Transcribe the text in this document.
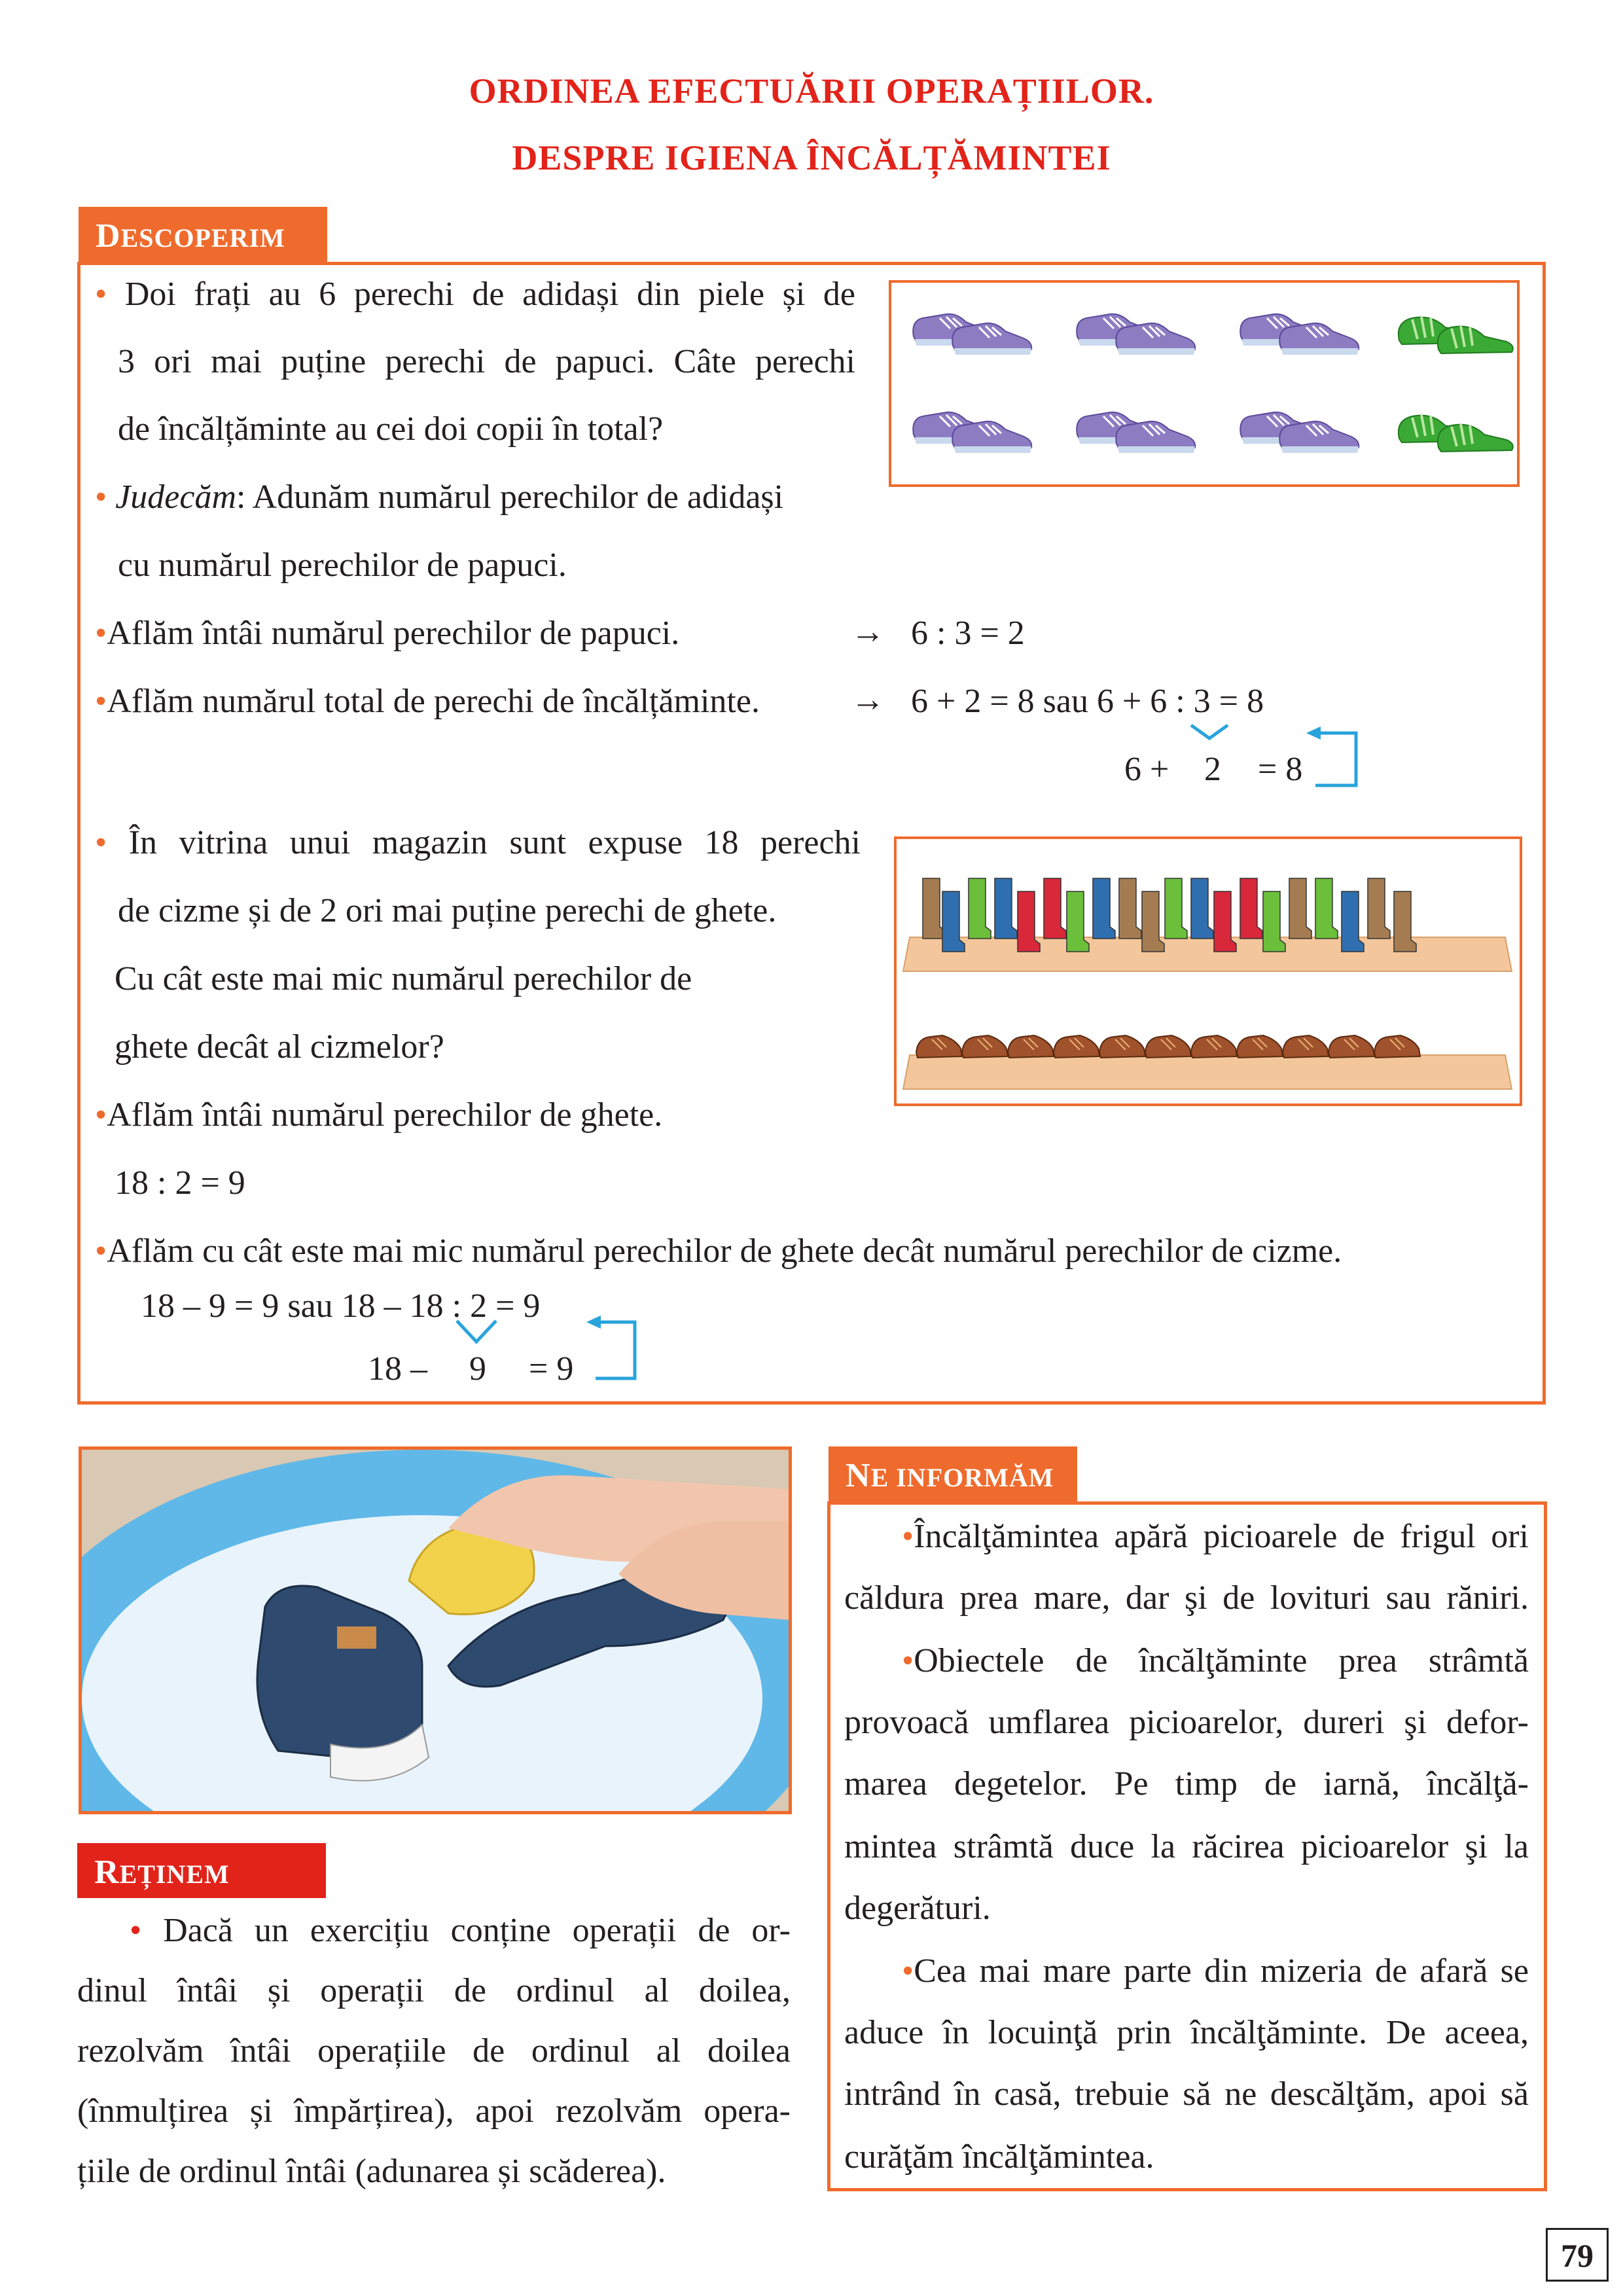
ORDINEA EFECTUĂRII OPERAȚIILOR.
DESPRE IGIENA ÎNCĂLȚĂMINTEI
DESCOPERIM
• Doi frați au 6 perechi de adidași din piele și de
3 ori mai puține perechi de papuci. Câte perechi
de încălțăminte au cei doi copii în total?
• Judecăm: Adunăm numărul perechilor de adidași
cu numărul perechilor de papuci.
•Aflăm întâi numărul perechilor de papuci.	→ 6 : 3 = 2
•Aflăm numărul total de perechi de încălțăminte.	→ 6 + 2 = 8 sau 6 + 6 : 3 = 8
6 + 2 = 8
• În vitrina unui magazin sunt expuse 18 perechi
de cizme și de 2 ori mai puține perechi de ghete.
Cu cât este mai mic numărul perechilor de
ghete decât al cizmelor?
•Aflăm întâi numărul perechilor de ghete.
18 : 2 = 9
•Aflăm cu cât este mai mic numărul perechilor de ghete decât numărul perechilor de cizme.
18 – 9 = 9 sau 18 – 18 : 2 = 9
18 – 9 = 9
REȚINEM
• Dacă un exercițiu conține operații de or-
dinul întâi și operații de ordinul al doilea,
rezolvăm întâi operațiile de ordinul al doilea
(înmulțirea și împărțirea), apoi rezolvăm opera-
țiile de ordinul întâi (adunarea și scăderea).
NE INFORMĂM
•Încălţămintea apără picioarele de frigul ori
căldura prea mare, dar şi de lovituri sau răniri.
•Obiectele de încălţăminte prea strâmtă
provoacă umflarea picioarelor, dureri şi defor-
marea degetelor. Pe timp de iarnă, încălţă-
mintea strâmtă duce la răcirea picioarelor şi la
degerături.
•Cea mai mare parte din mizeria de afară se
aduce în locuinţă prin încălţăminte. De aceea,
intrând în casă, trebuie să ne descălţăm, apoi să
curăţăm încălţămintea.
79
